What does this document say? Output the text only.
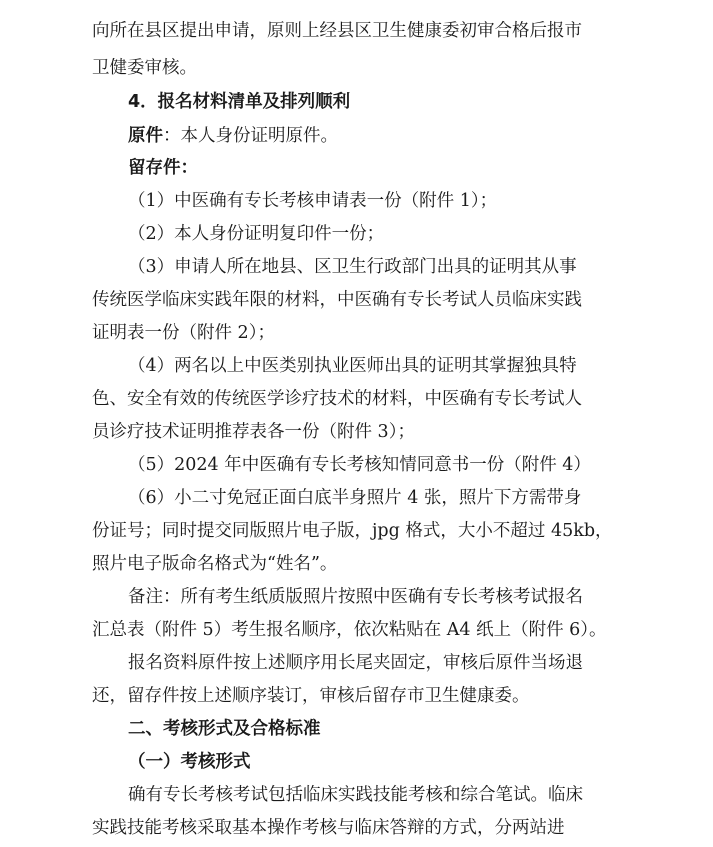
向所在县区提出申请，原则上经县区卫生健康委初审合格后报市
卫健委审核。
4．报名材料清单及排列顺利
原件：本人身份证明原件。
留存件：
（1）中医确有专长考核申请表一份（附件 1）；
（2）本人身份证明复印件一份；
（3）申请人所在地县、区卫生行政部门出具的证明其从事
传统医学临床实践年限的材料，中医确有专长考试人员临床实践
证明表一份（附件 2）；
（4）两名以上中医类别执业医师出具的证明其掌握独具特
色、安全有效的传统医学诊疗技术的材料，中医确有专长考试人
员诊疗技术证明推荐表各一份（附件 3）；
（5）2024 年中医确有专长考核知情同意书一份（附件 4）
（6）小二寸免冠正面白底半身照片 4 张，照片下方需带身
份证号；同时提交同版照片电子版，jpg 格式，大小不超过 45kb，
照片电子版命名格式为“姓名”。
备注：所有考生纸质版照片按照中医确有专长考核考试报名
汇总表（附件 5）考生报名顺序，依次粘贴在 A4 纸上（附件 6）。
报名资料原件按上述顺序用长尾夹固定，审核后原件当场退
还，留存件按上述顺序装订，审核后留存市卫生健康委。
二、考核形式及合格标准
（一）考核形式
确有专长考核考试包括临床实践技能考核和综合笔试。临床
实践技能考核采取基本操作考核与临床答辩的方式，分两站进
